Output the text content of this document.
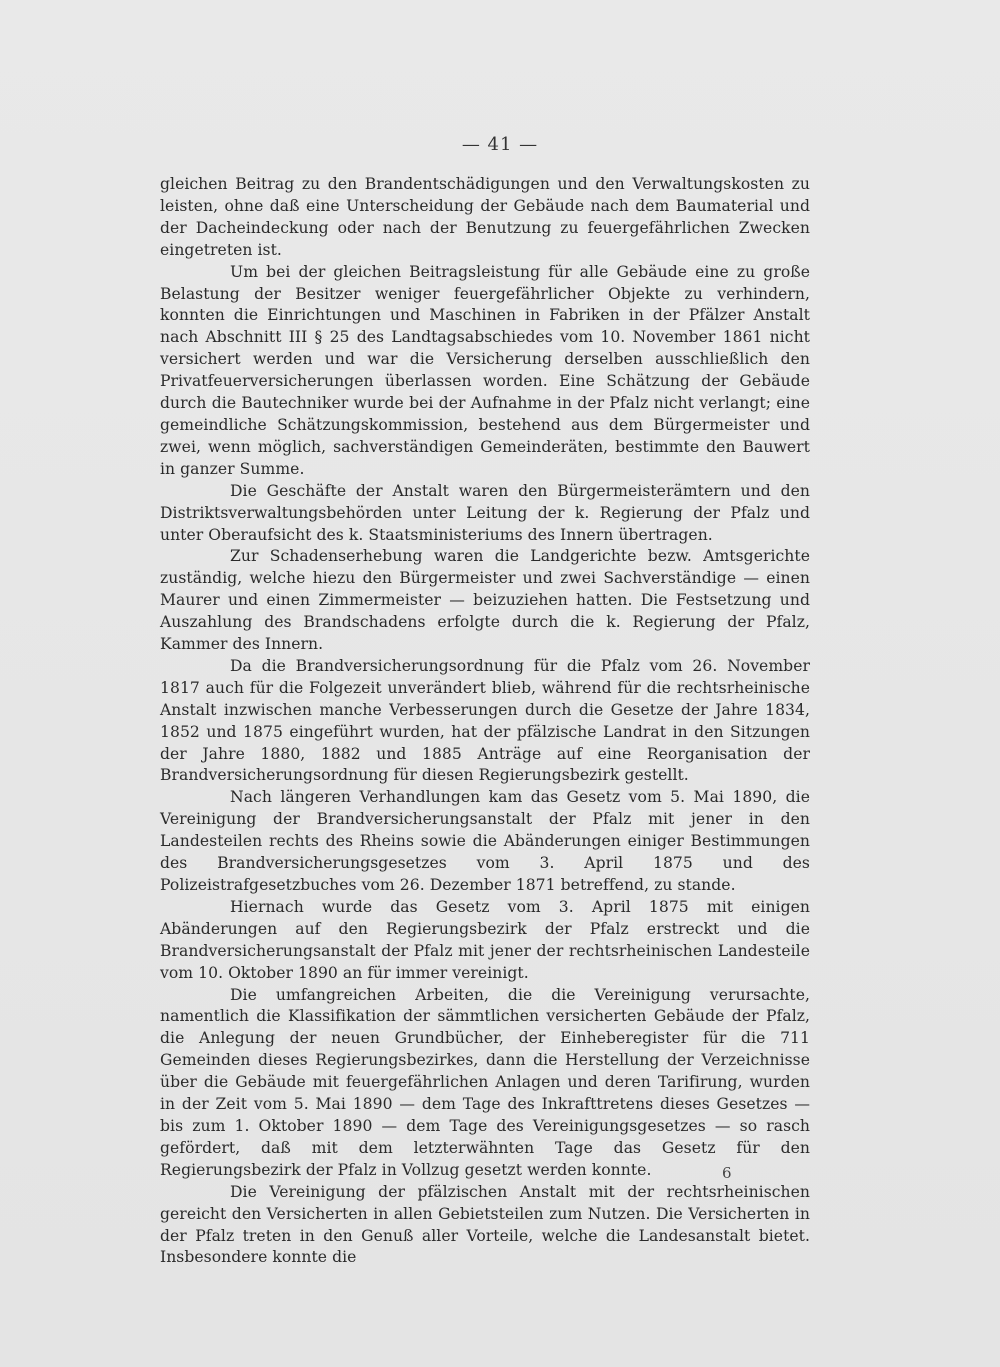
— 41 —

gleichen Beitrag zu den Brandentschädigungen und den Verwaltungskosten zu leisten, ohne daß eine Unterscheidung der Gebäude nach dem Baumaterial und der Dacheindeckung oder nach der Benutzung zu feuergefährlichen Zwecken eingetreten ist.

Um bei der gleichen Beitragsleistung für alle Gebäude eine zu große Belastung der Besitzer weniger feuergefährlicher Objekte zu verhindern, konnten die Einrichtungen und Maschinen in Fabriken in der Pfälzer Anstalt nach Abschnitt III § 25 des Landtagsabschiedes vom 10. November 1861 nicht versichert werden und war die Versicherung derselben ausschließlich den Privatfeuerversicherungen überlassen worden. Eine Schätzung der Gebäude durch die Bautechniker wurde bei der Aufnahme in der Pfalz nicht verlangt; eine gemeindliche Schätzungskommission, bestehend aus dem Bürgermeister und zwei, wenn möglich, sachverständigen Gemeinderäten, bestimmte den Bauwert in ganzer Summe.

Die Geschäfte der Anstalt waren den Bürgermeisterämtern und den Distriktsverwaltungsbehörden unter Leitung der k. Regierung der Pfalz und unter Oberaufsicht des k. Staatsministeriums des Innern übertragen.

Zur Schadenserhebung waren die Landgerichte bezw. Amtsgerichte zuständig, welche hiezu den Bürgermeister und zwei Sachverständige — einen Maurer und einen Zimmermeister — beizuziehen hatten. Die Festsetzung und Auszahlung des Brandschadens erfolgte durch die k. Regierung der Pfalz, Kammer des Innern.

Da die Brandversicherungsordnung für die Pfalz vom 26. November 1817 auch für die Folgezeit unverändert blieb, während für die rechtsrheinische Anstalt inzwischen manche Verbesserungen durch die Gesetze der Jahre 1834, 1852 und 1875 eingeführt wurden, hat der pfälzische Landrat in den Sitzungen der Jahre 1880, 1882 und 1885 Anträge auf eine Reorganisation der Brandversicherungsordnung für diesen Regierungsbezirk gestellt.

Nach längeren Verhandlungen kam das Gesetz vom 5. Mai 1890, die Vereinigung der Brandversicherungsanstalt der Pfalz mit jener in den Landesteilen rechts des Rheins sowie die Abänderungen einiger Bestimmungen des Brandversicherungsgesetzes vom 3. April 1875 und des Polizeistrafgesetzbuches vom 26. Dezember 1871 betreffend, zu stande.

Hiernach wurde das Gesetz vom 3. April 1875 mit einigen Abänderungen auf den Regierungsbezirk der Pfalz erstreckt und die Brandversicherungsanstalt der Pfalz mit jener der rechtsrheinischen Landesteile vom 10. Oktober 1890 an für immer vereinigt.

Die umfangreichen Arbeiten, die die Vereinigung verursachte, namentlich die Klassifikation der sämmtlichen versicherten Gebäude der Pfalz, die Anlegung der neuen Grundbücher, der Einheberegister für die 711 Gemeinden dieses Regierungsbezirkes, dann die Herstellung der Verzeichnisse über die Gebäude mit feuergefährlichen Anlagen und deren Tarifirung, wurden in der Zeit vom 5. Mai 1890 — dem Tage des Inkrafttretens dieses Gesetzes — bis zum 1. Oktober 1890 — dem Tage des Vereinigungsgesetzes — so rasch gefördert, daß mit dem letzterwähnten Tage das Gesetz für den Regierungsbezirk der Pfalz in Vollzug gesetzt werden konnte.

Die Vereinigung der pfälzischen Anstalt mit der rechtsrheinischen gereicht den Versicherten in allen Gebietsteilen zum Nutzen. Die Versicherten in der Pfalz treten in den Genuß aller Vorteile, welche die Landesanstalt bietet. Insbesondere konnte die

6
